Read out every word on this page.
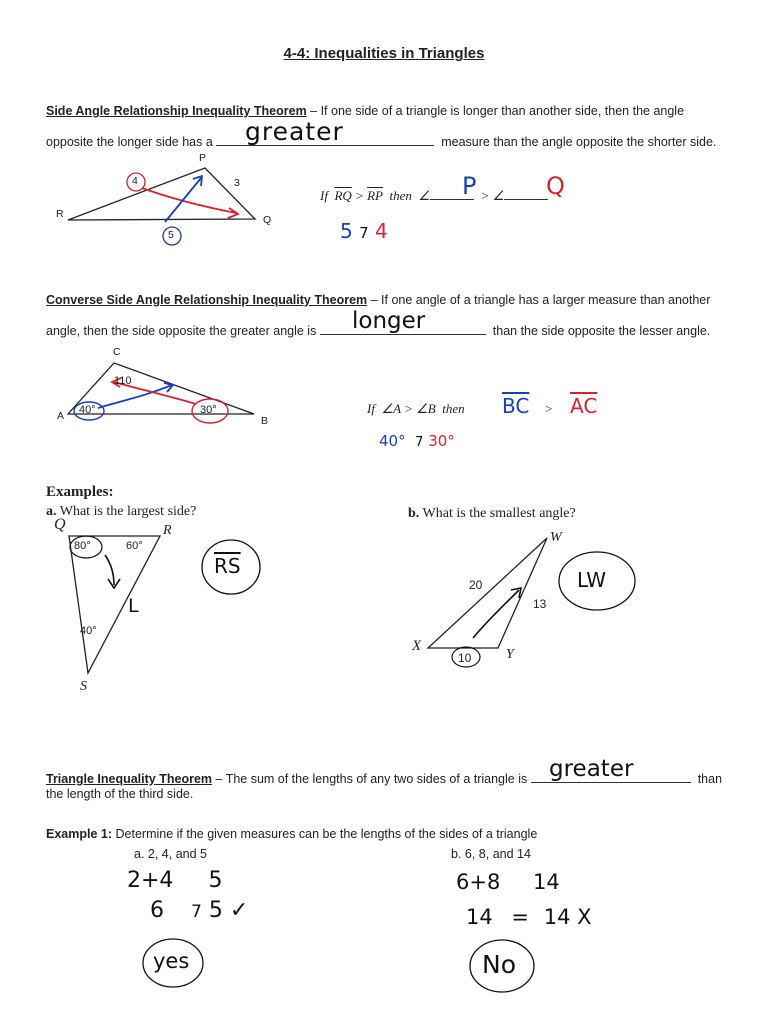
4-4: Inequalities in Triangles
Side Angle Relationship Inequality Theorem – If one side of a triangle is longer than another side, then the angle
opposite the longer side has a	measure than the angle opposite the shorter side.
greater
P
R	Q
4	3
5
If $\overline{RQ} > \overline{RP}$ then ∠	> ∠
P	Q
5 7 4
Converse Side Angle Relationship Inequality Theorem – If one angle of a triangle has a larger measure than another
angle, then the side opposite the greater angle is	than the side opposite the lesser angle.
longer
C
A	B
110
40°	30°	If ∠A > ∠B then $\overline{BC} > \overline{AC}$
40° 7 30°
Examples:
a. What is the largest side?	b. What is the smallest angle?
Q	R
S
80°	60°
40°
L
$\overline{RS}$
W
X
Y
20
13
10
LW
Triangle Inequality Theorem – The sum of the lengths of any two sides of a triangle is	than
the length of the third side.
greater
Example 1: Determine if the given measures can be the lengths of the sides of a triangle
a. 2, 4, and 5	b. 6, 8, and 14
2+4 5
6 7 5 ✓
yes
6+8 14
14 = 14 X
No
